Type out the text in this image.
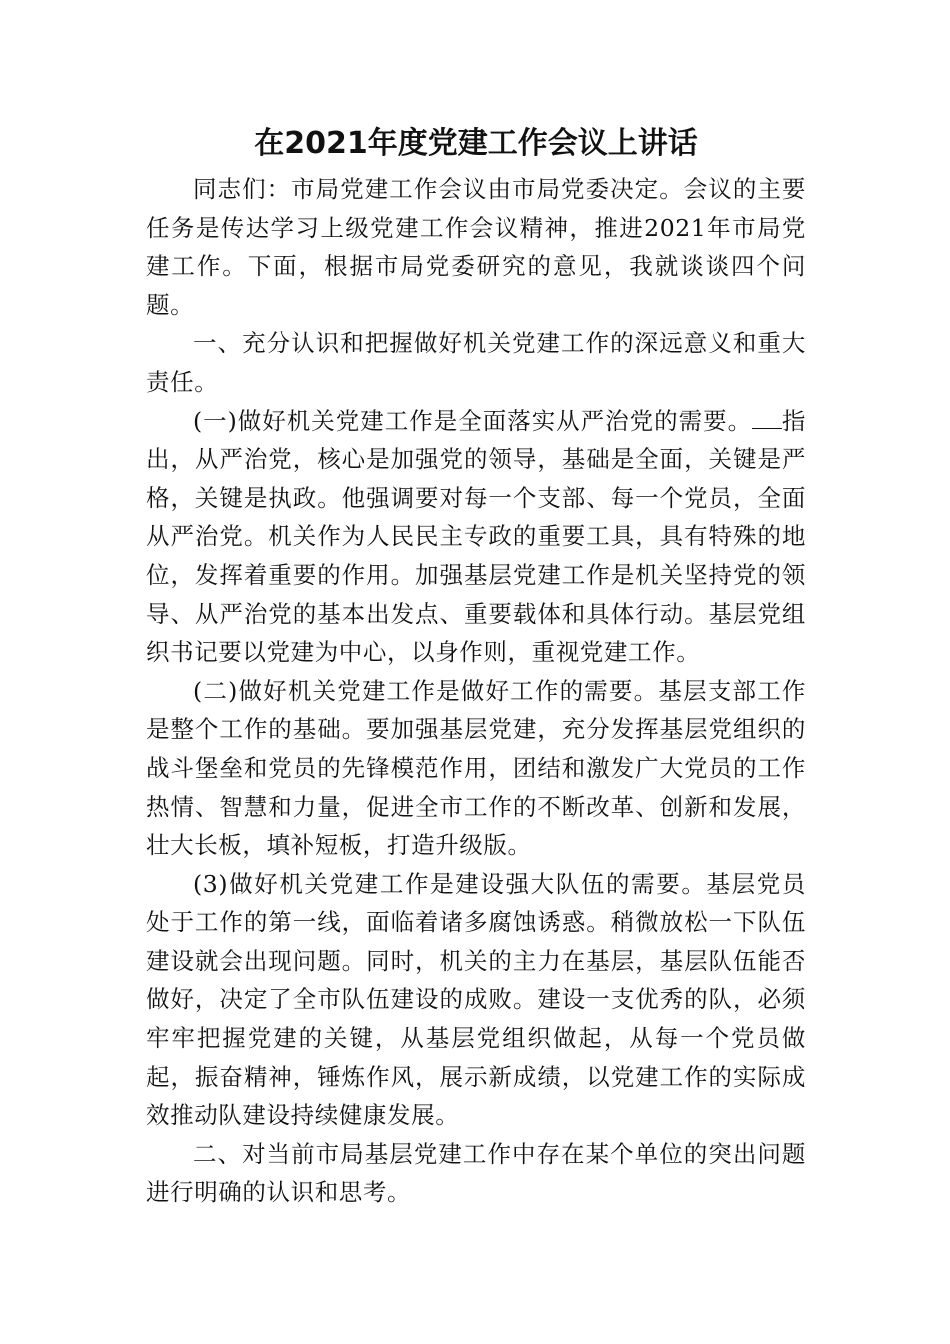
在2021年度党建工作会议上讲话

同志们：市局党建工作会议由市局党委决定。会议的主要任务是传达学习上级党建工作会议精神，推进2021年市局党建工作。下面，根据市局党委研究的意见，我就谈谈四个问题。

一、充分认识和把握做好机关党建工作的深远意义和重大责任。

(一)做好机关党建工作是全面落实从严治党的需要。 指出，从严治党，核心是加强党的领导，基础是全面，关键是严格，关键是执政。他强调要对每一个支部、每一个党员，全面从严治党。机关作为人民民主专政的重要工具，具有特殊的地位，发挥着重要的作用。加强基层党建工作是机关坚持党的领导、从严治党的基本出发点、重要载体和具体行动。基层党组织书记要以党建为中心，以身作则，重视党建工作。

(二)做好机关党建工作是做好工作的需要。基层支部工作是整个工作的基础。要加强基层党建，充分发挥基层党组织的战斗堡垒和党员的先锋模范作用，团结和激发广大党员的工作热情、智慧和力量，促进全市工作的不断改革、创新和发展，壮大长板，填补短板，打造升级版。

(3)做好机关党建工作是建设强大队伍的需要。基层党员处于工作的第一线，面临着诸多腐蚀诱惑。稍微放松一下队伍建设就会出现问题。同时，机关的主力在基层，基层队伍能否做好，决定了全市队伍建设的成败。建设一支优秀的队，必须牢牢把握党建的关键，从基层党组织做起，从每一个党员做起，振奋精神，锤炼作风，展示新成绩，以党建工作的实际成效推动队建设持续健康发展。

二、对当前市局基层党建工作中存在某个单位的突出问题进行明确的认识和思考。
